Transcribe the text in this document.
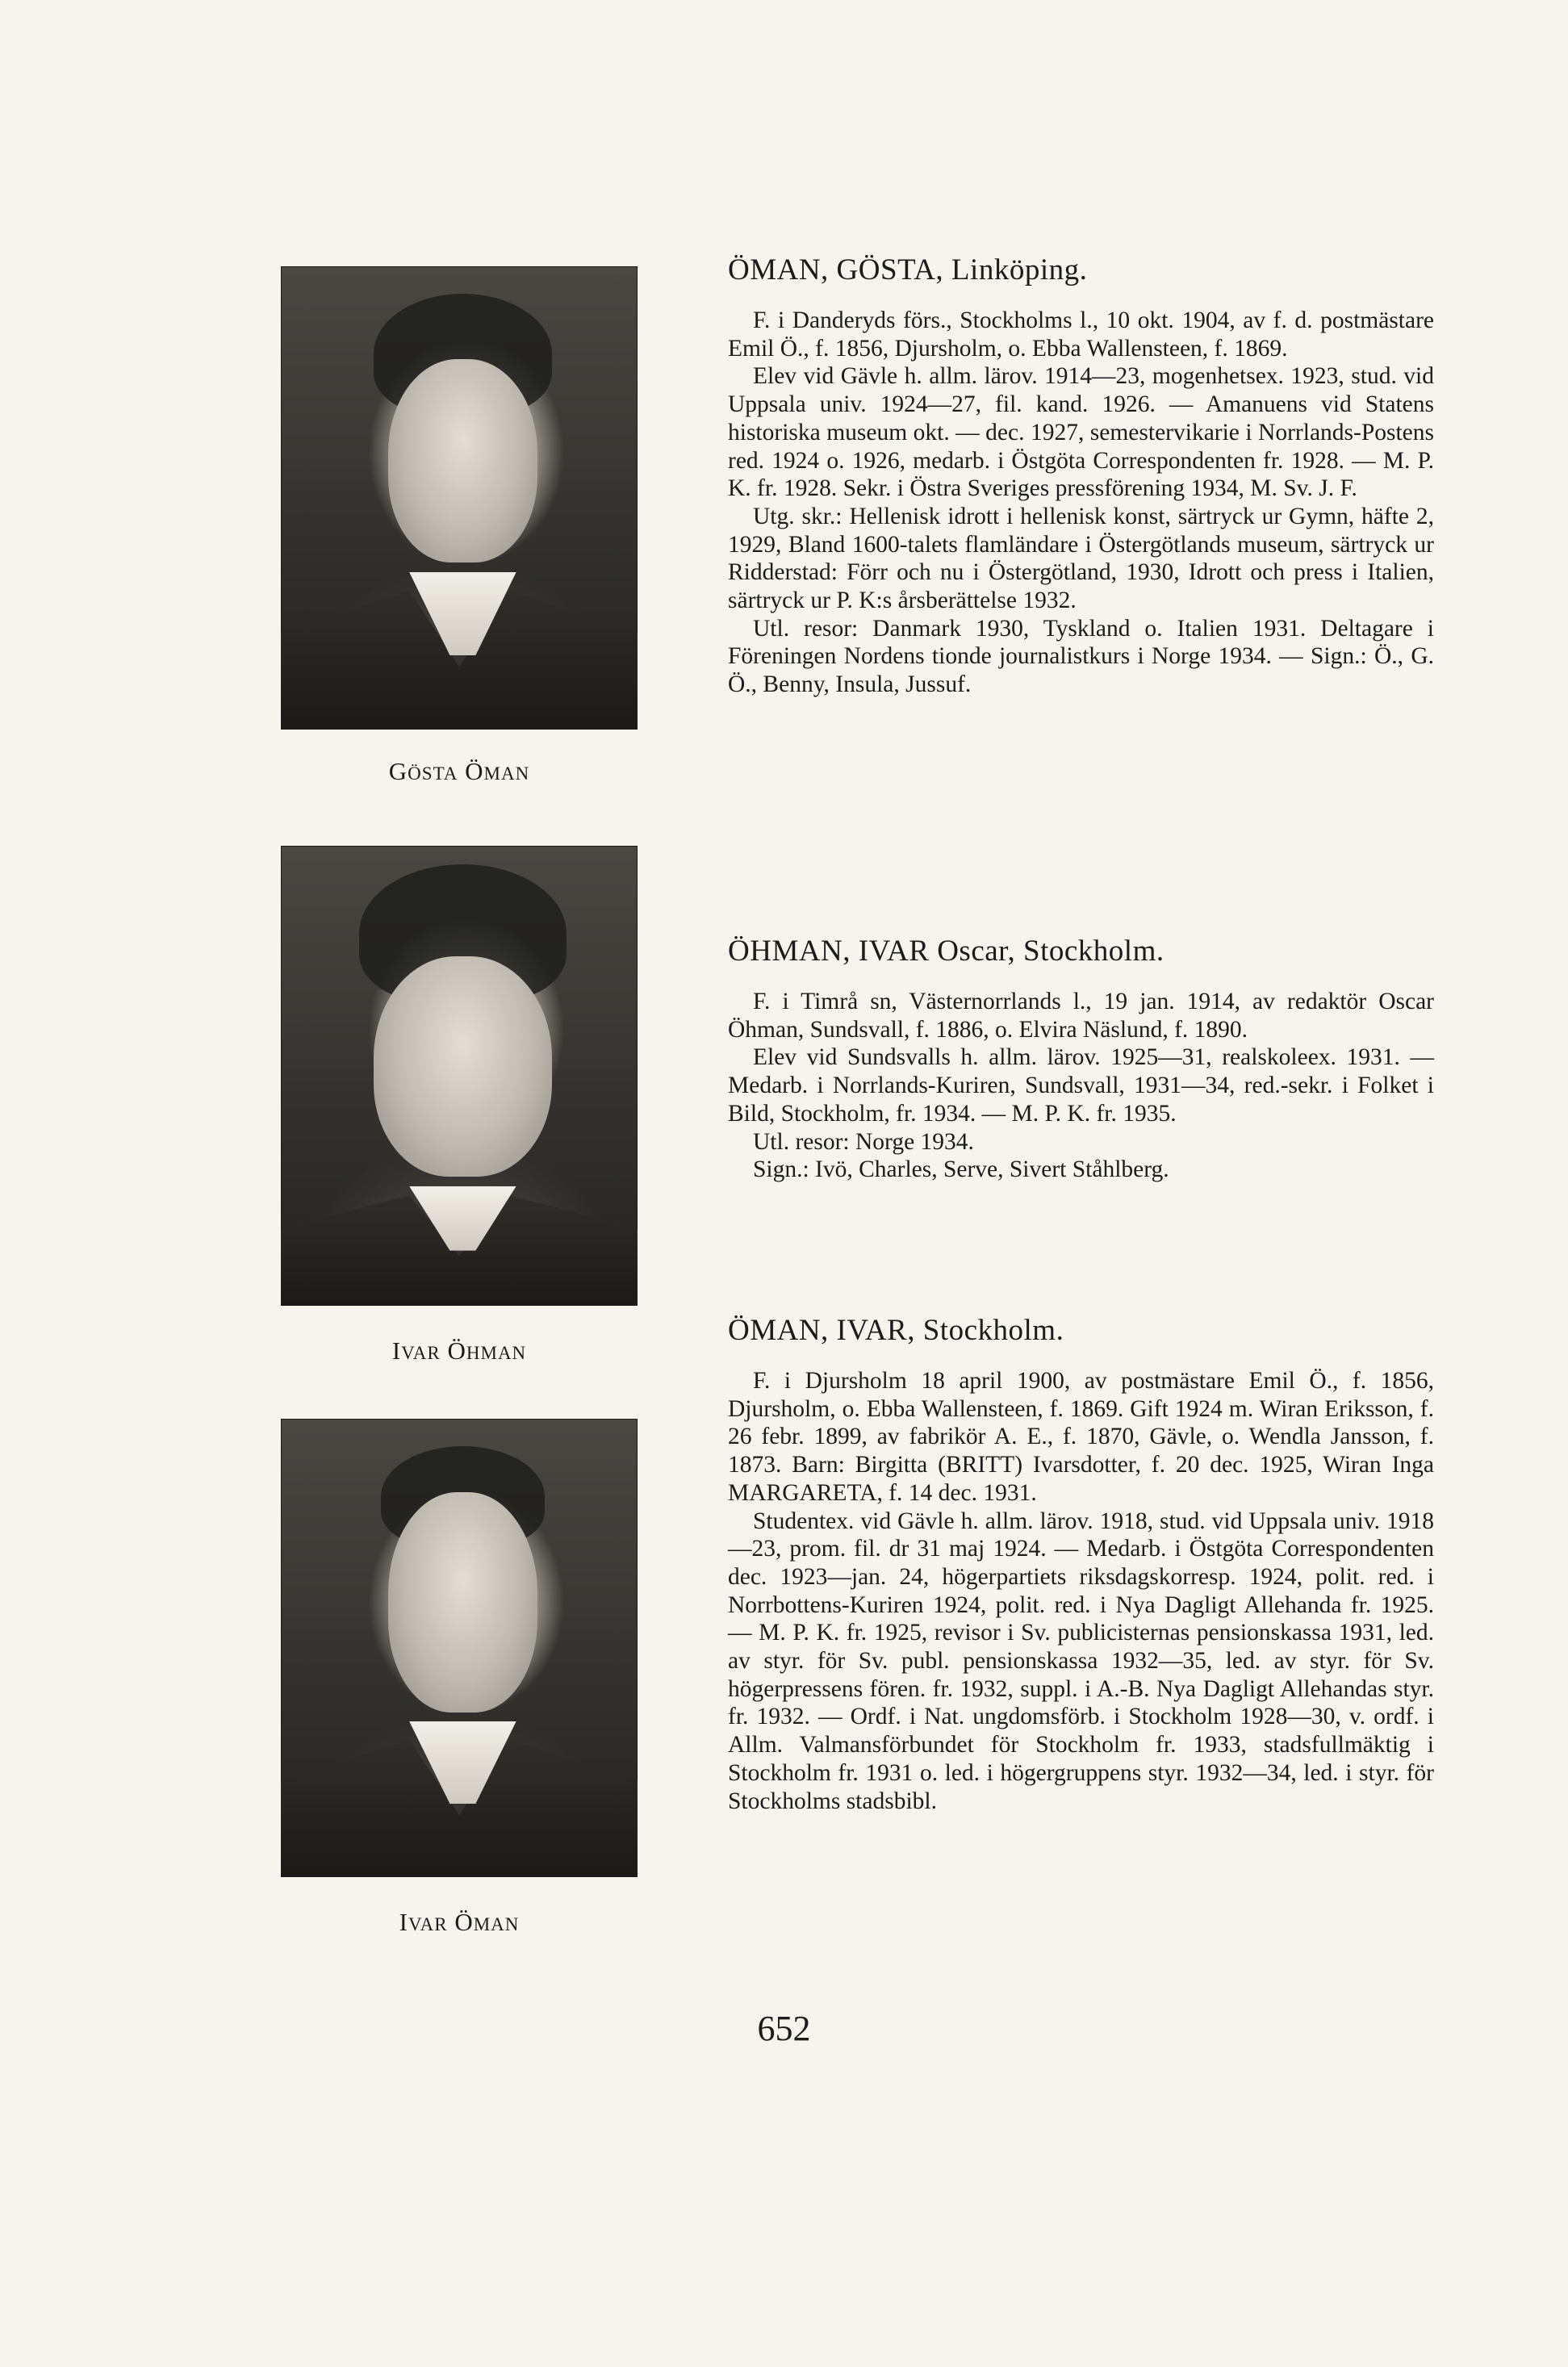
GÖSTA ÖMAN
IVAR ÖHMAN
IVAR ÖMAN
ÖMAN, GÖSTA, Linköping.

F. i Danderyds förs., Stockholms l., 10 okt. 1904, av f. d. postmästare Emil Ö., f. 1856, Djursholm, o. Ebba Wallensteen, f. 1869.

Elev vid Gävle h. allm. lärov. 1914—23, mogenhetsex. 1923, stud. vid Uppsala univ. 1924—27, fil. kand. 1926. — Amanuens vid Statens historiska museum okt. — dec. 1927, semestervikarie i Norrlands-Postens red. 1924 o. 1926, medarb. i Östgöta Correspondenten fr. 1928. — M. P. K. fr. 1928. Sekr. i Östra Sveriges pressförening 1934, M. Sv. J. F.

Utg. skr.: Hellenisk idrott i hellenisk konst, särtryck ur Gymn, häfte 2, 1929, Bland 1600-talets flamländare i Östergötlands museum, särtryck ur Ridderstad: Förr och nu i Östergötland, 1930, Idrott och press i Italien, särtryck ur P. K:s årsberättelse 1932.

Utl. resor: Danmark 1930, Tyskland o. Italien 1931. Deltagare i Föreningen Nordens tionde journalistkurs i Norge 1934. — Sign.: Ö., G. Ö., Benny, Insula, Jussuf.

ÖHMAN, IVAR Oscar, Stockholm.

F. i Timrå sn, Västernorrlands l., 19 jan. 1914, av redaktör Oscar Öhman, Sundsvall, f. 1886, o. Elvira Näslund, f. 1890.

Elev vid Sundsvalls h. allm. lärov. 1925—31, realskoleex. 1931. — Medarb. i Norrlands-Kuriren, Sundsvall, 1931—34, red.-sekr. i Folket i Bild, Stockholm, fr. 1934. — M. P. K. fr. 1935.

Utl. resor: Norge 1934.

Sign.: Ivö, Charles, Serve, Sivert Ståhlberg.

ÖMAN, IVAR, Stockholm.

F. i Djursholm 18 april 1900, av postmästare Emil Ö., f. 1856, Djursholm, o. Ebba Wallensteen, f. 1869. Gift 1924 m. Wiran Eriksson, f. 26 febr. 1899, av fabrikör A. E., f. 1870, Gävle, o. Wendla Jansson, f. 1873. Barn: Birgitta (BRITT) Ivarsdotter, f. 20 dec. 1925, Wiran Inga MARGARETA, f. 14 dec. 1931.

Studentex. vid Gävle h. allm. lärov. 1918, stud. vid Uppsala univ. 1918—23, prom. fil. dr 31 maj 1924. — Medarb. i Östgöta Correspondenten dec. 1923—jan. 24, högerpartiets riksdagskorresp. 1924, polit. red. i Norrbottens-Kuriren 1924, polit. red. i Nya Dagligt Allehanda fr. 1925. — M. P. K. fr. 1925, revisor i Sv. publicisternas pensionskassa 1931, led. av styr. för Sv. publ. pensionskassa 1932—35, led. av styr. för Sv. högerpressens fören. fr. 1932, suppl. i A.-B. Nya Dagligt Allehandas styr. fr. 1932. — Ordf. i Nat. ungdomsförb. i Stockholm 1928—30, v. ordf. i Allm. Valmansförbundet för Stockholm fr. 1933, stadsfullmäktig i Stockholm fr. 1931 o. led. i högergruppens styr. 1932—34, led. i styr. för Stockholms stadsbibl.

652
